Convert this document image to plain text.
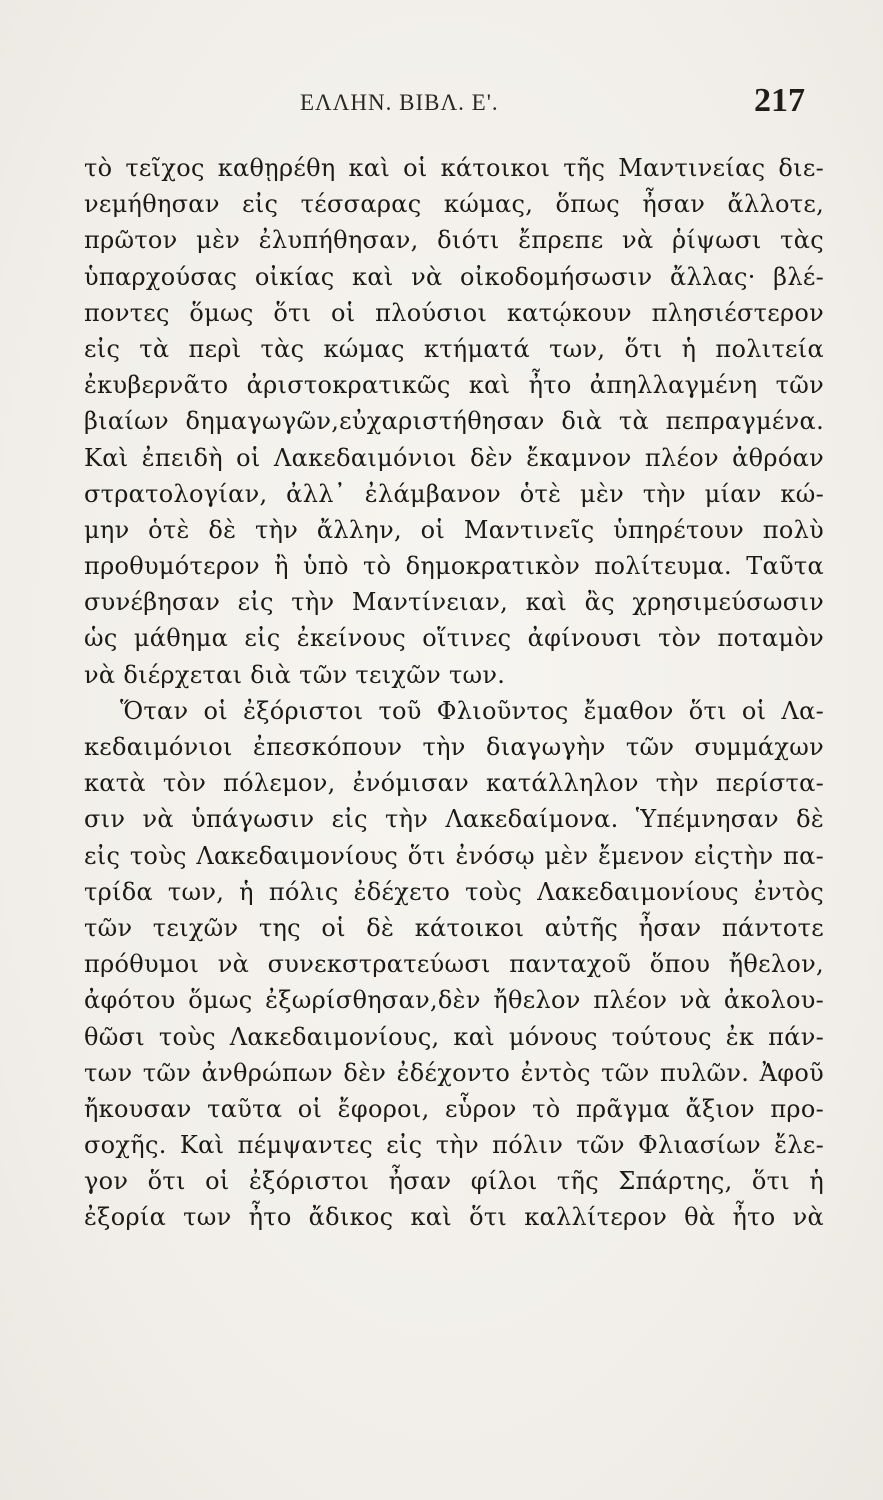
ΕΛΛΗΝ. ΒΙΒΛ. Ε'.	217
τὸ τεῖχος καθῃρέθη καὶ οἱ κάτοικοι τῆς Μαντινείας διε-
νεμήθησαν εἰς τέσσαρας κώμας, ὅπως ἦσαν ἄλλοτε,
πρῶτον μὲν ἐλυπήθησαν, διότι ἔπρεπε νὰ ῥίψωσι τὰς
ὑπαρχούσας οἰκίας καὶ νὰ οἰκοδομήσωσιν ἄλλας· βλέ-
ποντες ὅμως ὅτι οἱ πλούσιοι κατῴκουν πλησιέστερον
εἰς τὰ περὶ τὰς κώμας κτήματά των, ὅτι ἡ πολιτεία
ἐκυβερνᾶτο ἀριστοκρατικῶς καὶ ἦτο ἀπηλλαγμένη τῶν
βιαίων δημαγωγῶν,εὐχαριστήθησαν διὰ τὰ πεπραγμένα.
Καὶ ἐπειδὴ οἱ Λακεδαιμόνιοι δὲν ἔκαμνον πλέον ἀθρόαν
στρατολογίαν, ἀλλ᾽ ἐλάμβανον ὁτὲ μὲν τὴν μίαν κώ-
μην ὁτὲ δὲ τὴν ἄλλην, οἱ Μαντινεῖς ὑπηρέτουν πολὺ
προθυμότερον ἢ ὑπὸ τὸ δημοκρατικὸν πολίτευμα. Ταῦτα
συνέβησαν εἰς τὴν Μαντίνειαν, καὶ ἂς χρησιμεύσωσιν
ὡς μάθημα εἰς ἐκείνους οἵτινες ἀφίνουσι τὸν ποταμὸν
νὰ διέρχεται διὰ τῶν τειχῶν των.
Ὅταν οἱ ἐξόριστοι τοῦ Φλιοῦντος ἔμαθον ὅτι οἱ Λα-
κεδαιμόνιοι ἐπεσκόπουν τὴν διαγωγὴν τῶν συμμάχων
κατὰ τὸν πόλεμον, ἐνόμισαν κατάλληλον τὴν περίστα-
σιν νὰ ὑπάγωσιν εἰς τὴν Λακεδαίμονα. Ὑπέμνησαν δὲ
εἰς τοὺς Λακεδαιμονίους ὅτι ἐνόσῳ μὲν ἔμενον εἰςτὴν πα-
τρίδα των, ἡ πόλις ἐδέχετο τοὺς Λακεδαιμονίους ἐντὸς
τῶν τειχῶν της οἱ δὲ κάτοικοι αὐτῆς ἦσαν πάντοτε
πρόθυμοι νὰ συνεκστρατεύωσι πανταχοῦ ὅπου ἤθελον,
ἀφότου ὅμως ἐξωρίσθησαν,δὲν ἤθελον πλέον νὰ ἀκολου-
θῶσι τοὺς Λακεδαιμονίους, καὶ μόνους τούτους ἐκ πάν-
των τῶν ἀνθρώπων δὲν ἐδέχοντο ἐντὸς τῶν πυλῶν. Ἀφοῦ
ἤκουσαν ταῦτα οἱ ἔφοροι, εὗρον τὸ πρᾶγμα ἄξιον προ-
σοχῆς. Καὶ πέμψαντες εἰς τὴν πόλιν τῶν Φλιασίων ἔλε-
γον ὅτι οἱ ἐξόριστοι ἦσαν φίλοι τῆς Σπάρτης, ὅτι ἡ
ἐξορία των ἦτο ἄδικος καὶ ὅτι καλλίτερον θὰ ἦτο νὰ
